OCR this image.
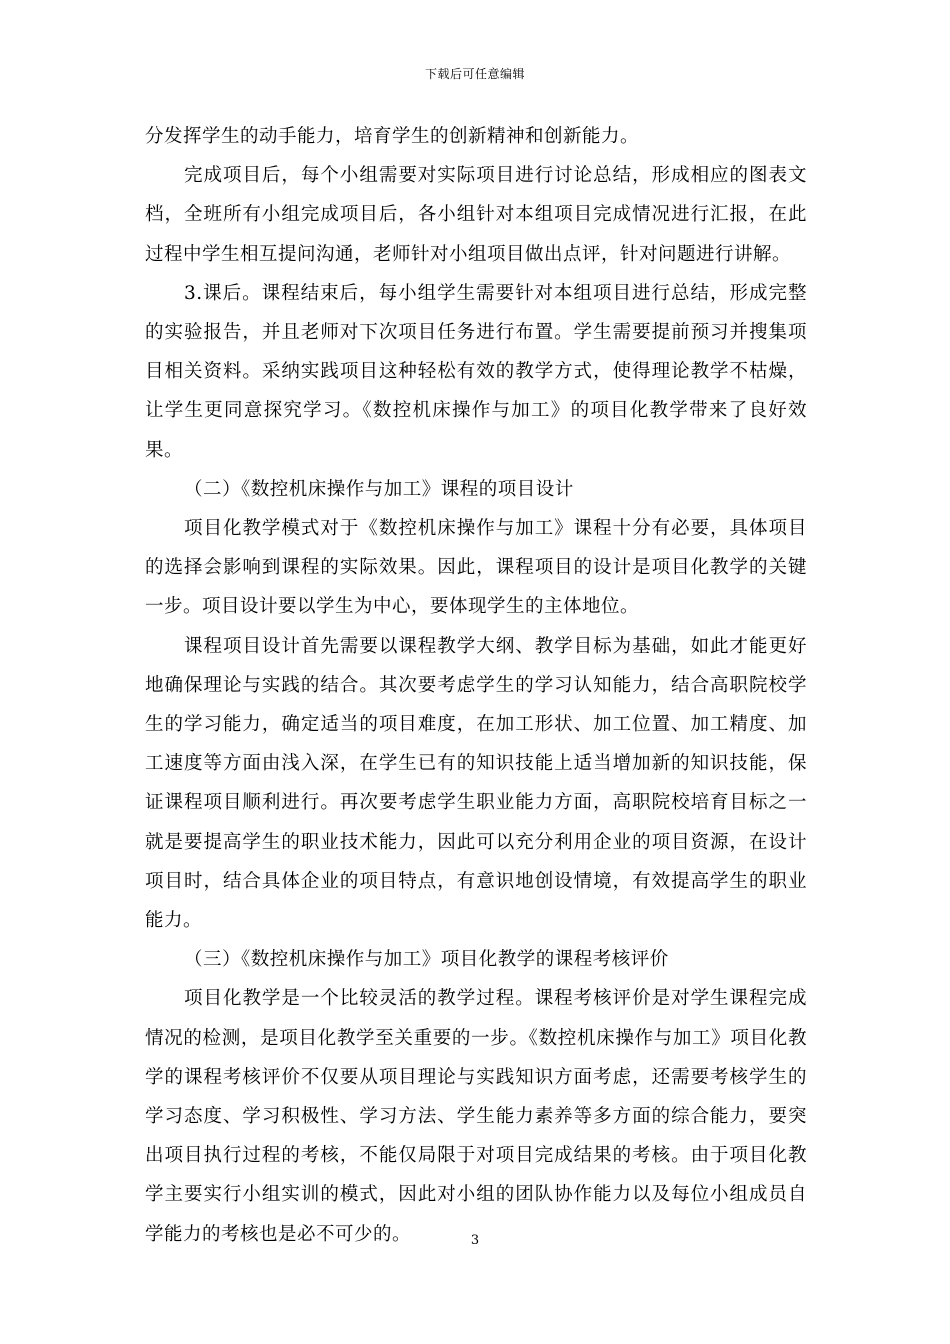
下载后可任意编辑

分发挥学生的动手能力，培育学生的创新精神和创新能力。

完成项目后，每个小组需要对实际项目进行讨论总结，形成相应的图表文档，全班所有小组完成项目后，各小组针对本组项目完成情况进行汇报，在此过程中学生相互提问沟通，老师针对小组项目做出点评，针对问题进行讲解。

3.课后。课程结束后，每小组学生需要针对本组项目进行总结，形成完整的实验报告，并且老师对下次项目任务进行布置。学生需要提前预习并搜集项目相关资料。采纳实践项目这种轻松有效的教学方式，使得理论教学不枯燥，让学生更同意探究学习。《数控机床操作与加工》的项目化教学带来了良好效果。

（二）《数控机床操作与加工》课程的项目设计

项目化教学模式对于《数控机床操作与加工》课程十分有必要，具体项目的选择会影响到课程的实际效果。因此，课程项目的设计是项目化教学的关键一步。项目设计要以学生为中心，要体现学生的主体地位。

课程项目设计首先需要以课程教学大纲、教学目标为基础，如此才能更好地确保理论与实践的结合。其次要考虑学生的学习认知能力，结合高职院校学生的学习能力，确定适当的项目难度，在加工形状、加工位置、加工精度、加工速度等方面由浅入深，在学生已有的知识技能上适当增加新的知识技能，保证课程项目顺利进行。再次要考虑学生职业能力方面，高职院校培育目标之一就是要提高学生的职业技术能力，因此可以充分利用企业的项目资源，在设计项目时，结合具体企业的项目特点，有意识地创设情境，有效提高学生的职业能力。

（三）《数控机床操作与加工》项目化教学的课程考核评价

项目化教学是一个比较灵活的教学过程。课程考核评价是对学生课程完成情况的检测，是项目化教学至关重要的一步。《数控机床操作与加工》项目化教学的课程考核评价不仅要从项目理论与实践知识方面考虑，还需要考核学生的学习态度、学习积极性、学习方法、学生能力素养等多方面的综合能力，要突出项目执行过程的考核，不能仅局限于对项目完成结果的考核。由于项目化教学主要实行小组实训的模式，因此对小组的团队协作能力以及每位小组成员自学能力的考核也是必不可少的。	3
